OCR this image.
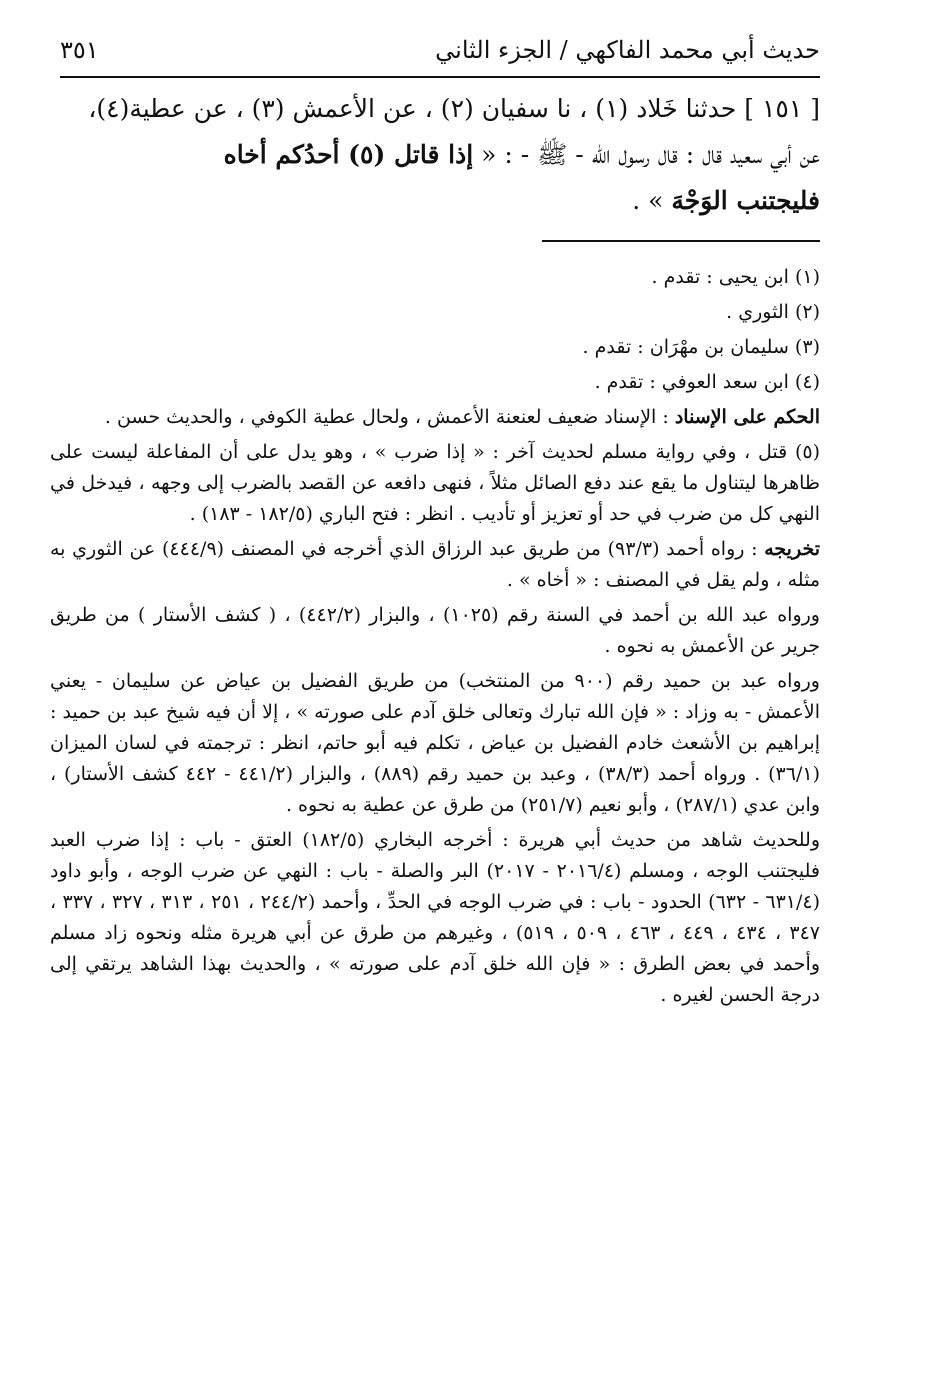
حديث أبي محمد الفاكهي / الجزء الثاني
٣٥١

[ ١٥١ ] حدثنا خَلاد (١) ، نا سفيان (٢) ، عن الأعمش (٣) ، عن عطية(٤)،

عن أبي سعيد قال : قال رسول الله - ﷺ - : « إذا قاتل (٥) أحدُكم أخاه

فليجتنب الوَجْهَ » .

(١) ابن يحيى : تقدم .

(٢) الثوري .

(٣) سليمان بن مهْرَان : تقدم .

(٤) ابن سعد العوفي : تقدم .

الحكم على الإسناد : الإسناد ضعيف لعنعنة الأعمش ، ولحال عطية الكوفي ، والحديث حسن .

(٥) قتل ، وفي رواية مسلم لحديث آخر : « إذا ضرب » ، وهو يدل على أن المفاعلة ليست على ظاهرها ليتناول ما يقع عند دفع الصائل مثلاً ، فنهى دافعه عن القصد بالضرب إلى وجهه ، فيدخل في النهي كل من ضرب في حد أو تعزيز أو تأديب . انظر : فتح الباري (١٨٢/٥ - ١٨٣) .

تخريجه : رواه أحمد (٩٣/٣) من طريق عبد الرزاق الذي أخرجه في المصنف (٤٤٤/٩) عن الثوري به مثله ، ولم يقل في المصنف : « أخاه » .

ورواه عبد الله بن أحمد في السنة رقم (١٠٢٥) ، والبزار (٤٤٢/٢) ، ( كشف الأستار ) من طريق جرير عن الأعمش به نحوه .

ورواه عبد بن حميد رقم (٩٠٠ من المنتخب) من طريق الفضيل بن عياض عن سليمان - يعني الأعمش - به وزاد : « فإن الله تبارك وتعالى خلق آدم على صورته » ، إلا أن فيه شيخ عبد بن حميد : إبراهيم بن الأشعث خادم الفضيل بن عياض ، تكلم فيه أبو حاتم، انظر : ترجمته في لسان الميزان (٣٦/١) . ورواه أحمد (٣٨/٣) ، وعبد بن حميد رقم (٨٨٩) ، والبزار (٤٤١/٢ - ٤٤٢ كشف الأستار) ، وابن عدي (٢٨٧/١) ، وأبو نعيم (٢٥١/٧) من طرق عن عطية به نحوه .

وللحديث شاهد من حديث أبي هريرة : أخرجه البخاري (١٨٢/٥) العتق - باب : إذا ضرب العبد فليجتنب الوجه ، ومسلم (٢٠١٦/٤ - ٢٠١٧) البر والصلة - باب : النهي عن ضرب الوجه ، وأبو داود (٦٣١/٤ - ٦٣٢) الحدود - باب : في ضرب الوجه في الحدِّ ، وأحمد (٢٤٤/٢ ، ٢٥١ ، ٣١٣ ، ٣٢٧ ، ٣٣٧ ، ٣٤٧ ، ٤٣٤ ، ٤٤٩ ، ٤٦٣ ، ٥٠٩ ، ٥١٩) ، وغيرهم من طرق عن أبي هريرة مثله ونحوه زاد مسلم وأحمد في بعض الطرق : « فإن الله خلق آدم على صورته » ، والحديث بهذا الشاهد يرتقي إلى درجة الحسن لغيره .
